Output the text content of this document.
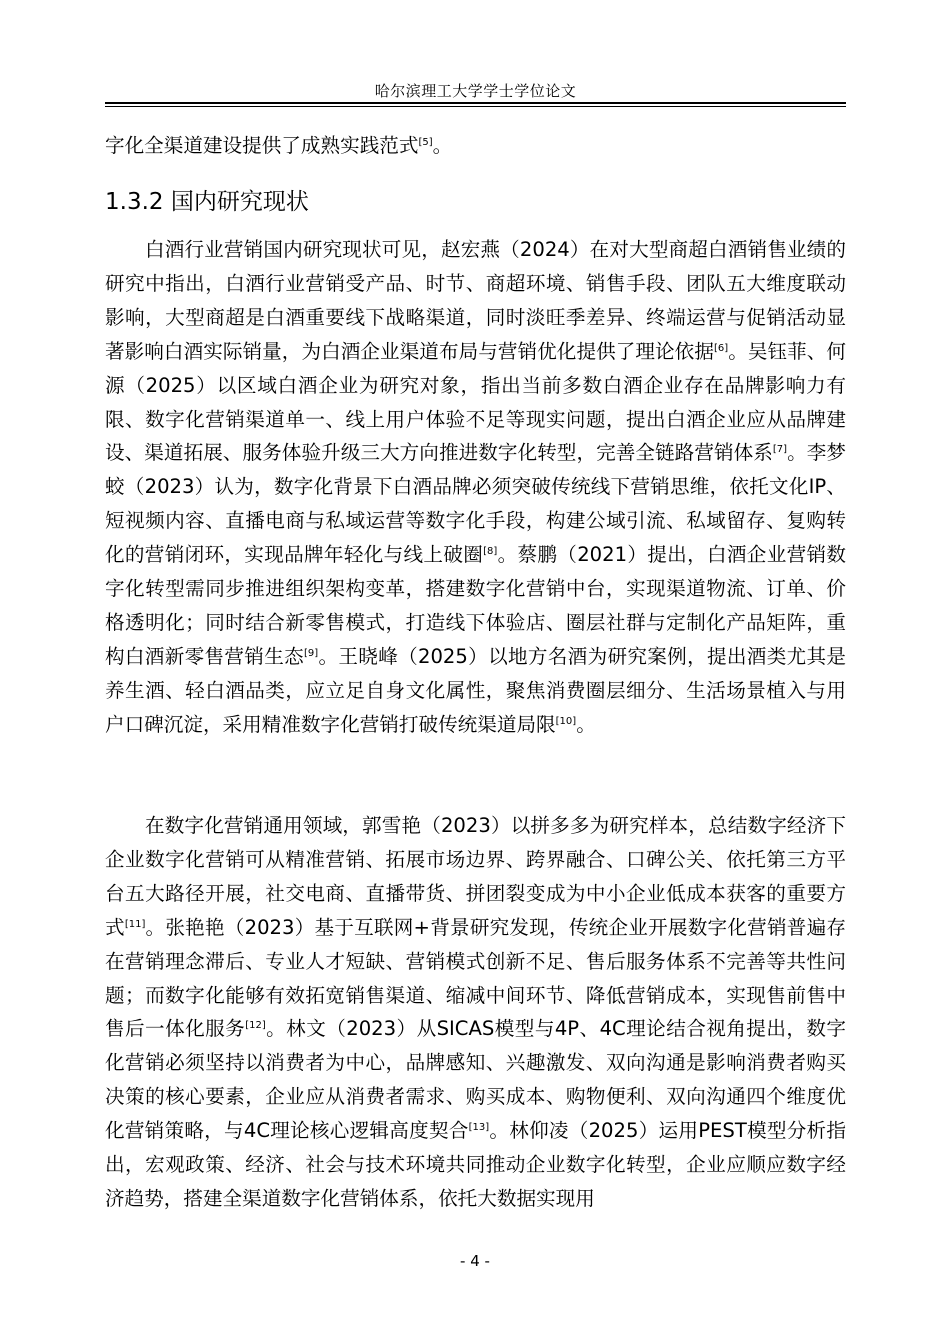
哈尔滨理工大学学士学位论文

字化全渠道建设提供了成熟实践范式[5]。

1.3.2 国内研究现状

白酒行业营销国内研究现状可见，赵宏燕（2024）在对大型商超白酒销售业绩的研究中指出，白酒行业营销受产品、时节、商超环境、销售手段、团队五大维度联动影响，大型商超是白酒重要线下战略渠道，同时淡旺季差异、终端运营与促销活动显著影响白酒实际销量，为白酒企业渠道布局与营销优化提供了理论依据[6]。吴钰菲、何源（2025）以区域白酒企业为研究对象，指出当前多数白酒企业存在品牌影响力有限、数字化营销渠道单一、线上用户体验不足等现实问题，提出白酒企业应从品牌建设、渠道拓展、服务体验升级三大方向推进数字化转型，完善全链路营销体系[7]。李梦蛟（2023）认为，数字化背景下白酒品牌必须突破传统线下营销思维，依托文化IP、短视频内容、直播电商与私域运营等数字化手段，构建公域引流、私域留存、复购转化的营销闭环，实现品牌年轻化与线上破圈[8]。蔡鹏（2021）提出，白酒企业营销数字化转型需同步推进组织架构变革，搭建数字化营销中台，实现渠道物流、订单、价格透明化；同时结合新零售模式，打造线下体验店、圈层社群与定制化产品矩阵，重构白酒新零售营销生态[9]。王晓峰（2025）以地方名酒为研究案例，提出酒类尤其是养生酒、轻白酒品类，应立足自身文化属性，聚焦消费圈层细分、生活场景植入与用户口碑沉淀，采用精准数字化营销打破传统渠道局限[10]。

在数字化营销通用领域，郭雪艳（2023）以拼多多为研究样本，总结数字经济下企业数字化营销可从精准营销、拓展市场边界、跨界融合、口碑公关、依托第三方平台五大路径开展，社交电商、直播带货、拼团裂变成为中小企业低成本获客的重要方式[11]。张艳艳（2023）基于互联网+背景研究发现，传统企业开展数字化营销普遍存在营销理念滞后、专业人才短缺、营销模式创新不足、售后服务体系不完善等共性问题；而数字化能够有效拓宽销售渠道、缩减中间环节、降低营销成本，实现售前售中售后一体化服务[12]。林文（2023）从SICAS模型与4P、4C理论结合视角提出，数字化营销必须坚持以消费者为中心，品牌感知、兴趣激发、双向沟通是影响消费者购买决策的核心要素，企业应从消费者需求、购买成本、购物便利、双向沟通四个维度优化营销策略，与4C理论核心逻辑高度契合[13]。林仰凌（2025）运用PEST模型分析指出，宏观政策、经济、社会与技术环境共同推动企业数字化转型，企业应顺应数字经济趋势，搭建全渠道数字化营销体系，依托大数据实现用

- 4 -
